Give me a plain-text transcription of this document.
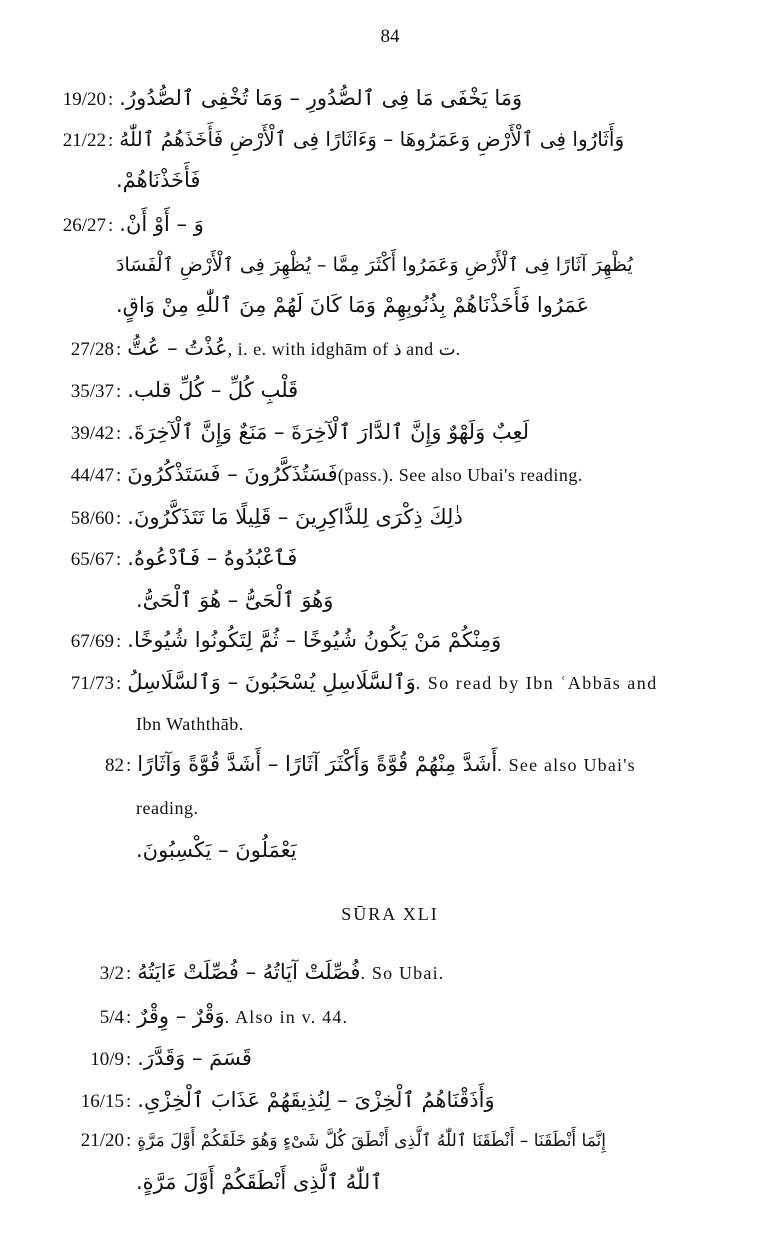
84
19/20 : وَمَا يَخْفَى مَا فِى ٱلصُّدُورِ – وَمَا تُخْفِى ٱلصُّدُورُ.
21/22 : وَأَثَارُوا فِى ٱلْأَرْضِ وَعَمَرُوهَا – وَءَاثَارًا فِى ٱلْأَرْضِ فَأَخَذَهُمُ ٱللّٰهُ
فَأَخَذْنَاهُمْ.
26/27 : وَ – أَوْ أَنْ.
يُظْهِرَ آثَارًا فِى ٱلْأَرْضِ وَعَمَرُوا أَكْثَرَ مِمَّا – يُظْهِرَ فِى ٱلْأَرْضِ ٱلْفَسَادَ
عَمَرُوا فَأَخَذْنَاهُمْ بِذُنُوبِهِمْ وَمَا كَانَ لَهُمْ مِنَ ٱللّٰهِ مِنْ وَاقٍ.
27/28 : عُذْتُ – عُتُّ , i. e. with idghām of ذ and ت.
35/37 : قَلْبِ كُلِّ – كُلِّ قلب.
39/42 : لَعِبٌ وَلَهْوٌ وَإِنَّ ٱلدَّارَ ٱلْآخِرَةَ – مَنَعٌ وَإِنَّ ٱلْآخِرَةَ.
44/47 : فَسَتُذَكَّرُونَ – فَسَتَذْكُرُونَ (pass.). See also Ubai's reading.
58/60 : ذٰلِكَ ذِكْرَى لِلذَّاكِرِينَ – قَلِيلًا مَا تَتَذَكَّرُونَ.
65/67 : فَٱعْبُدُوهُ – فَٱدْعُوهُ.
وَهُوَ ٱلْحَىُّ – هُوَ ٱلْحَىُّ.
67/69 : وَمِنْكُمْ مَنْ يَكُونُ شُيُوخًا – ثُمَّ لِتَكُونُوا شُيُوخًا.
71/73 : وَٱلسَّلَاسِلِ يُسْحَبُونَ – وَٱلسَّلَاسِلُ . So read by Ibn ʿAbbās and
Ibn Waththāb.
82 : أَشَدَّ مِنْهُمْ قُوَّةً وَأَكْثَرَ آثَارًا – أَشَدَّ قُوَّةً وَآثَارًا . See also Ubai's
reading.
يَعْمَلُونَ – يَكْسِبُونَ.
SŪRA XLI
3/2 : فُصِّلَتْ آيَاتُهُ – فُصِّلَتْ ءَايَتُهُ . So Ubai.
5/4 : وَقْرٌ – وِقْرٌ . Also in v. 44.
10/9 : قَسَمَ – وَقَدَّرَ.
16/15 : وَأَذَقْنَاهُمُ ٱلْخِزْىَ – لِنُذِيقَهُمْ عَذَابَ ٱلْخِزْىِ.
21/20 : إِنَّمَا أَنْطَقَنَا – أَنْطَقَنَا ٱللّٰهُ ٱلَّذِى أَنْطَقَ كُلَّ شَىْءٍ وَهُوَ خَلَقَكُمْ أَوَّلَ مَرَّةٍ
ٱللّٰهُ ٱلَّذِى أَنْطَقَكُمْ أَوَّلَ مَرَّةٍ.
